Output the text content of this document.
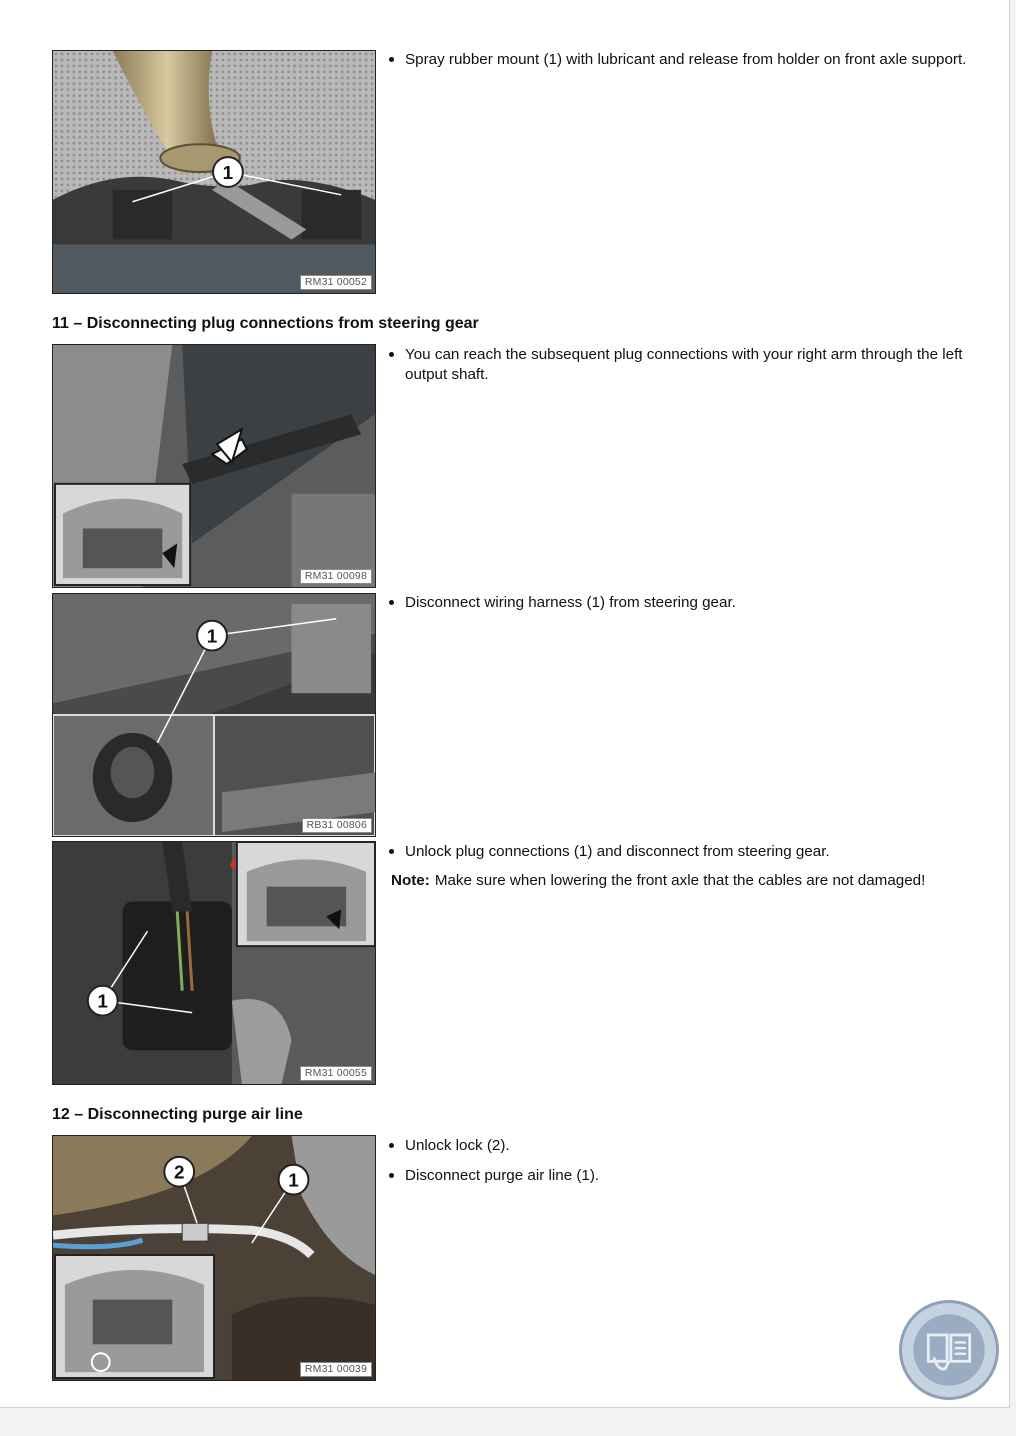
1
RM31 00052
Spray rubber mount (1) with lubricant and release from holder on front axle support.
11 – Disconnecting plug connections from steering gear
RM31 00098
You can reach the subsequent plug connections with your right arm through the left output shaft.
1
RB31 00806
Disconnect wiring harness (1) from steering gear.
1
RM31 00055
Unlock plug connections (1) and disconnect from steering gear.
Note: Make sure when lowering the front axle that the cables are not damaged!
12 – Disconnecting purge air line
2	1
RM31 00039
Unlock lock (2).
Disconnect purge air line (1).
